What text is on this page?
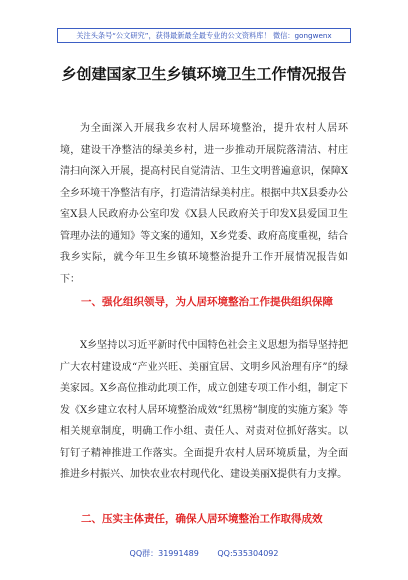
关注头条号“公文研究”，获得最新最全最专业的公文资料库！ 微信：gongwenx
乡创建国家卫生乡镇环境卫生工作情况报告
为全面深入开展我乡农村人居环境整治，提升农村人居环境，建设干净整洁的绿美乡村，进一步推动开展院落清洁、村庄清扫向深入开展，提高村民自觉清洁、卫生文明普遍意识，保障X全乡环境干净整洁有序，打造清洁绿美村庄。根据中共X县委办公室X县人民政府办公室印发《X县人民政府关于印发X县爱国卫生管理办法的通知》等文案的通知，X乡党委、政府高度重视，结合我乡实际，就今年卫生乡镇环境整治提升工作开展情况报告如下：
一、强化组织领导，为人居环境整治工作提供组织保障
X乡坚持以习近平新时代中国特色社会主义思想为指导坚持把广大农村建设成“产业兴旺、美丽宜居、文明乡风治理有序”的绿美家园。X乡高位推动此项工作，成立创建专项工作小组，制定下发《X乡建立农村人居环境整治成效“红黑榜”制度的实施方案》等相关规章制度，明确工作小组、责任人、对责对位抓好落实。以钉钉子精神推进工作落实。全面提升农村人居环境质量，为全面推进乡村振兴、加快农业农村现代化、建设美丽X提供有力支撑。
二、压实主体责任，确保人居环境整治工作取得成效
QQ群：31991489 QQ:535304092
